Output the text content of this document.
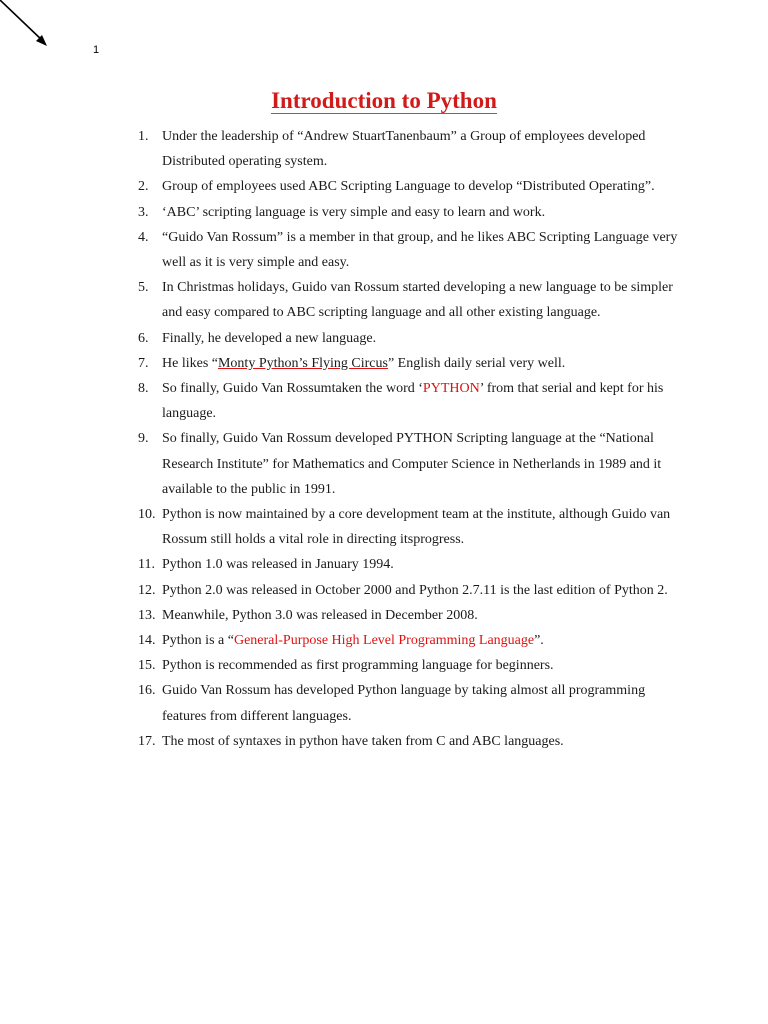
1
Introduction to Python
1. Under the leadership of “Andrew StuartTanenbaum” a Group of employees developed Distributed operating system.
2. Group of employees used ABC Scripting Language to develop “Distributed Operating”.
3. ‘ABC’ scripting language is very simple and easy to learn and work.
4. “Guido Van Rossum” is a member in that group, and he likes ABC Scripting Language very well as it is very simple and easy.
5. In Christmas holidays, Guido van Rossum started developing a new language to be simpler and easy compared to ABC scripting language and all other existing language.
6. Finally, he developed a new language.
7. He likes “Monty Python’s Flying Circus” English daily serial very well.
8. So finally, Guido Van Rossumtaken the word ‘PYTHON’ from that serial and kept for his language.
9. So finally, Guido Van Rossum developed PYTHON Scripting language at the “National Research Institute” for Mathematics and Computer Science in Netherlands in 1989 and it available to the public in 1991.
10. Python is now maintained by a core development team at the institute, although Guido van Rossum still holds a vital role in directing itsprogress.
11. Python 1.0 was released in January 1994.
12. Python 2.0 was released in October 2000 and Python 2.7.11 is the last edition of Python 2.
13. Meanwhile, Python 3.0 was released in December 2008.
14. Python is a “General-Purpose High Level Programming Language”.
15. Python is recommended as first programming language for beginners.
16. Guido Van Rossum has developed Python language by taking almost all programming features from different languages.
17. The most of syntaxes in python have taken from C and ABC languages.
